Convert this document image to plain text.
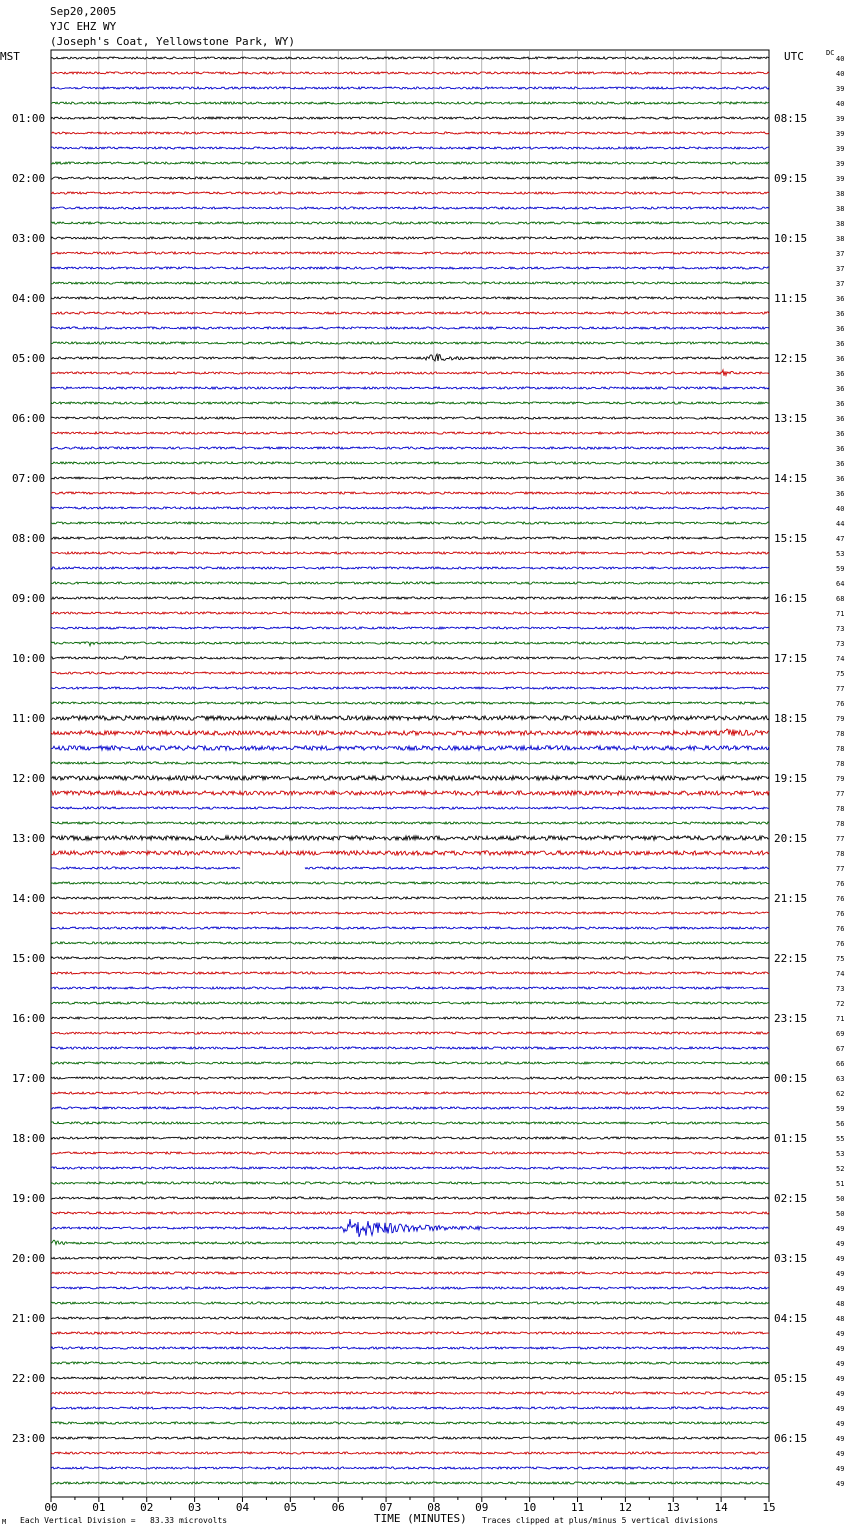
Sep20,2005
YJC EHZ WY
(Joseph's Coat, Yellowstone Park, WY)
MST	UTC	DC
00	01	02	03	04	05	06	07	08	09	10	11	12	13	14	15
40
40
39
40
39
39
39
39
39
38
38
38
38
37
37
37
36
36
36
36
36
36
36
36
36
36
36
36
36
36
40
44
47
53
59
64
68
71
73
73
74
75
77
76
79
78
78
78
79
77
78
78
77
78
77
76
76
76
76
76
75
74
73
72
71
69
67
66
63
62
59
56
55
53
52
51
50
50
49
49
49
49
49
48
48
49
49
49
49
49
49
49
49
49
49
49
01:00
02:00
03:00
04:00
05:00
06:00
07:00
08:00
09:00
10:00
11:00
12:00
13:00
14:00
15:00
16:00
17:00
18:00
19:00
20:00
21:00
22:00
23:00
08:15
09:15
10:15
11:15
12:15
13:15
14:15
15:15
16:15
17:15
18:15
19:15
20:15
21:15
22:15
23:15
00:15
01:15
02:15
03:15
04:15
05:15
06:15
TIME (MINUTES)
M Each Vertical Division =   83.33 microvolts	Traces clipped at plus/minus 5 vertical divisions
